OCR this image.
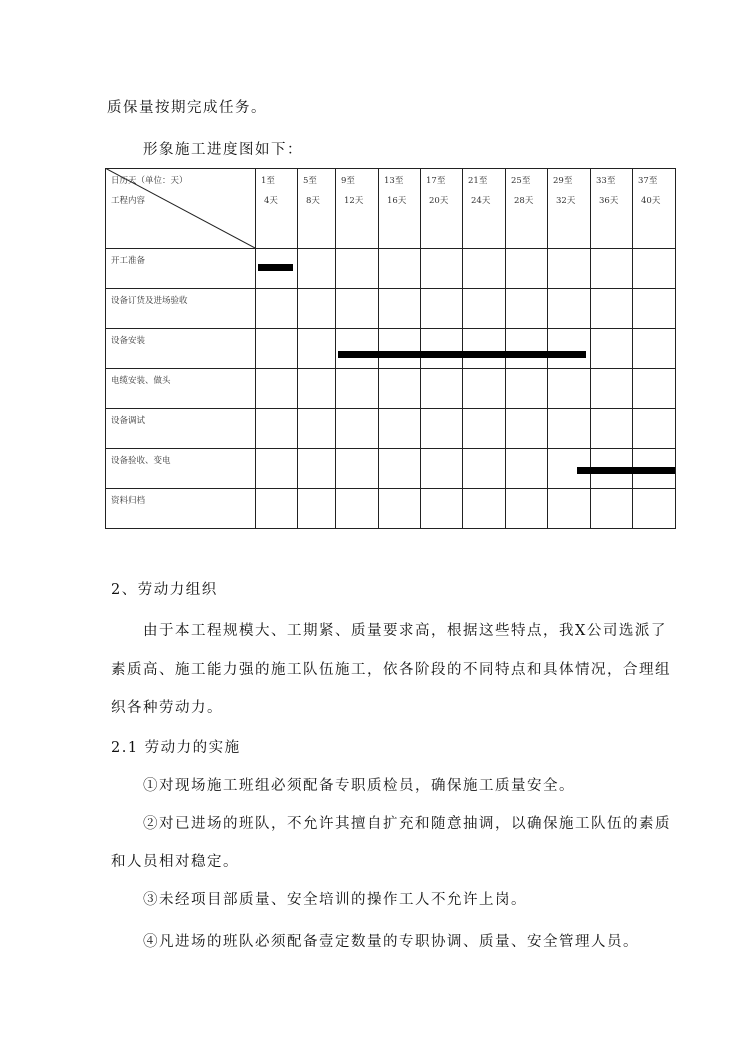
质保量按期完成任务。
形象施工进度图如下：
日历天（单位：天）
工程内容
1至
4天
5至
8天
9至
12天
13至
16天
17至
20天
21至
24天
25至
28天
29至
32天
33至
36天
37至
40天
开工准备
设备订货及进场验收
设备安装
电缆安装、做头
设备调试
设备验收、变电
资料归档
2、劳动力组织
由于本工程规模大、工期紧、质量要求高，根据这些特点，我X公司选派了
素质高、施工能力强的施工队伍施工，依各阶段的不同特点和具体情况，合理组
织各种劳动力。
2.1 劳动力的实施
①对现场施工班组必须配备专职质检员，确保施工质量安全。
②对已进场的班队，不允许其擅自扩充和随意抽调，以确保施工队伍的素质
和人员相对稳定。
③未经项目部质量、安全培训的操作工人不允许上岗。
④凡进场的班队必须配备壹定数量的专职协调、质量、安全管理人员。
